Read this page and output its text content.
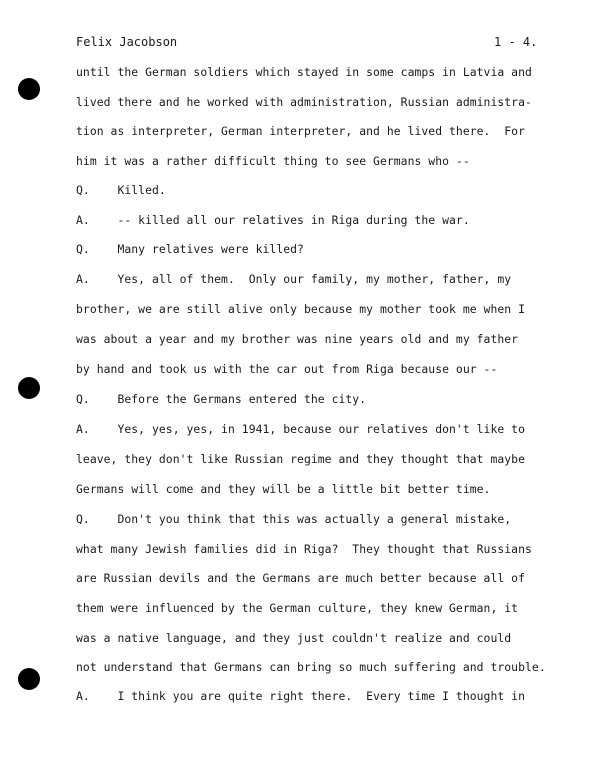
Felix Jacobson	1 - 4.
until the German soldiers which stayed in some camps in Latvia and
lived there and he worked with administration, Russian administra-
tion as interpreter, German interpreter, and he lived there.  For
him it was a rather difficult thing to see Germans who --
Q.    Killed.
A.    -- killed all our relatives in Riga during the war.
Q.    Many relatives were killed?
A.    Yes, all of them.  Only our family, my mother, father, my
brother, we are still alive only because my mother took me when I
was about a year and my brother was nine years old and my father
by hand and took us with the car out from Riga because our --
Q.    Before the Germans entered the city.
A.    Yes, yes, yes, in 1941, because our relatives don't like to
leave, they don't like Russian regime and they thought that maybe
Germans will come and they will be a little bit better time.
Q.    Don't you think that this was actually a general mistake,
what many Jewish families did in Riga?  They thought that Russians
are Russian devils and the Germans are much better because all of
them were influenced by the German culture, they knew German, it
was a native language, and they just couldn't realize and could
not understand that Germans can bring so much suffering and trouble.
A.    I think you are quite right there.  Every time I thought in
